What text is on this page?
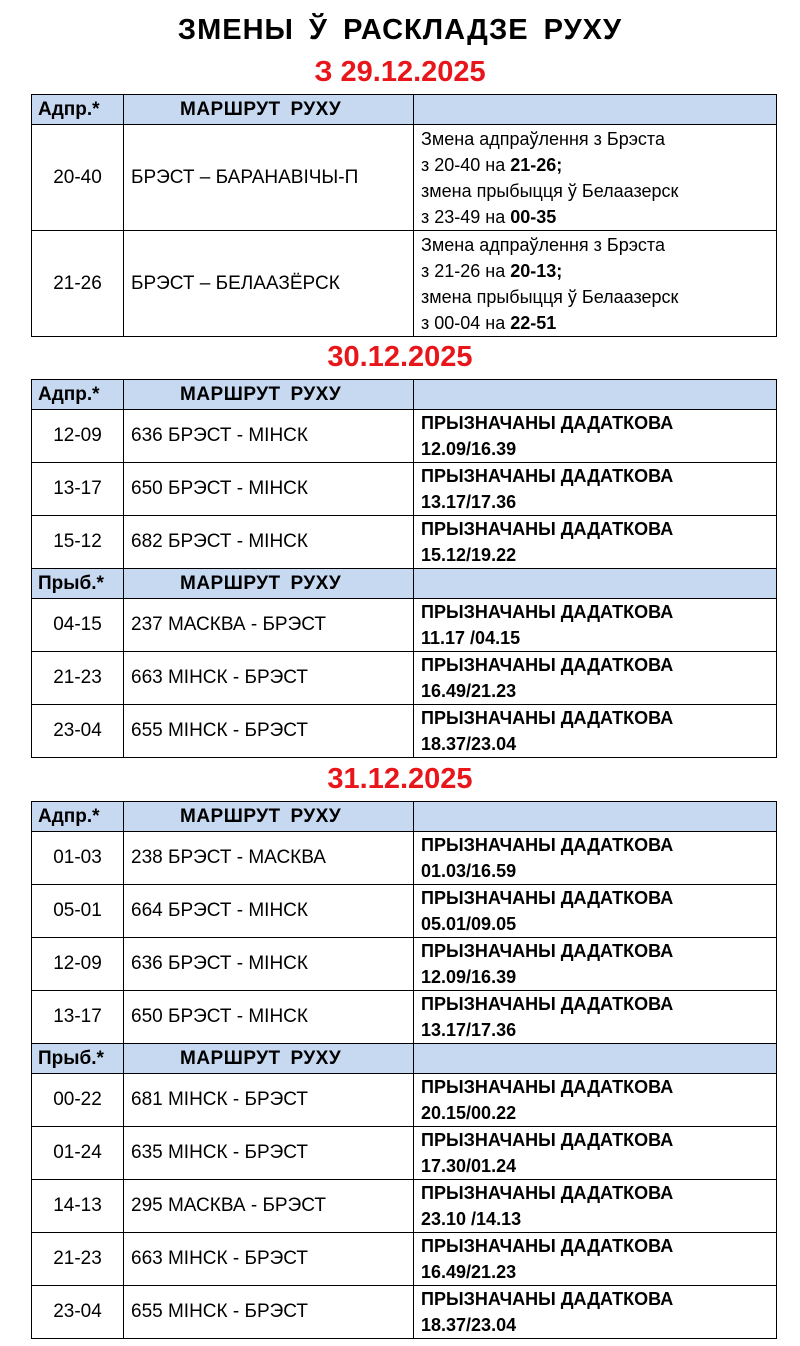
ЗМЕНЫ Ў РАСКЛАДЗЕ РУХУ
З 29.12.2025
Адпр.*	МАРШРУТ РУХУ	
20-40	БРЭСТ – БАРАНАВІЧЫ-П	Змена адпраўлення з Брэста
з 20-40 на 21-26;
змена прыбыцця ў Белаазерск
з 23-49 на 00-35

21-26	БРЭСТ – БЕЛААЗЁРСК	Змена адпраўлення з Брэста
з 21-26 на 20-13;
змена прыбыцця ў Белаазерск
з 00-04 на 22-51
30.12.2025
Адпр.*	МАРШРУТ РУХУ	
12-09	636 БРЭСТ - МІНСК	ПРЫЗНАЧАНЫ ДАДАТКОВА
12.09/16.39

13-17	650 БРЭСТ - МІНСК	ПРЫЗНАЧАНЫ ДАДАТКОВА
13.17/17.36

15-12	682 БРЭСТ - МІНСК	ПРЫЗНАЧАНЫ ДАДАТКОВА
15.12/19.22

Прыб.*	МАРШРУТ РУХУ	
04-15	237 МАСКВА - БРЭСТ	ПРЫЗНАЧАНЫ ДАДАТКОВА
11.17 /04.15

21-23	663 МІНСК - БРЭСТ	ПРЫЗНАЧАНЫ ДАДАТКОВА
16.49/21.23

23-04	655 МІНСК - БРЭСТ	ПРЫЗНАЧАНЫ ДАДАТКОВА
18.37/23.04
31.12.2025
Адпр.*	МАРШРУТ РУХУ	
01-03	238 БРЭСТ - МАСКВА	ПРЫЗНАЧАНЫ ДАДАТКОВА
01.03/16.59

05-01	664 БРЭСТ - МІНСК	ПРЫЗНАЧАНЫ ДАДАТКОВА
05.01/09.05

12-09	636 БРЭСТ - МІНСК	ПРЫЗНАЧАНЫ ДАДАТКОВА
12.09/16.39

13-17	650 БРЭСТ - МІНСК	ПРЫЗНАЧАНЫ ДАДАТКОВА
13.17/17.36

Прыб.*	МАРШРУТ РУХУ	
00-22	681 МІНСК - БРЭСТ	ПРЫЗНАЧАНЫ ДАДАТКОВА
20.15/00.22

01-24	635 МІНСК - БРЭСТ	ПРЫЗНАЧАНЫ ДАДАТКОВА
17.30/01.24

14-13	295 МАСКВА - БРЭСТ	ПРЫЗНАЧАНЫ ДАДАТКОВА
23.10 /14.13

21-23	663 МІНСК - БРЭСТ	ПРЫЗНАЧАНЫ ДАДАТКОВА
16.49/21.23

23-04	655 МІНСК - БРЭСТ	ПРЫЗНАЧАНЫ ДАДАТКОВА
18.37/23.04
